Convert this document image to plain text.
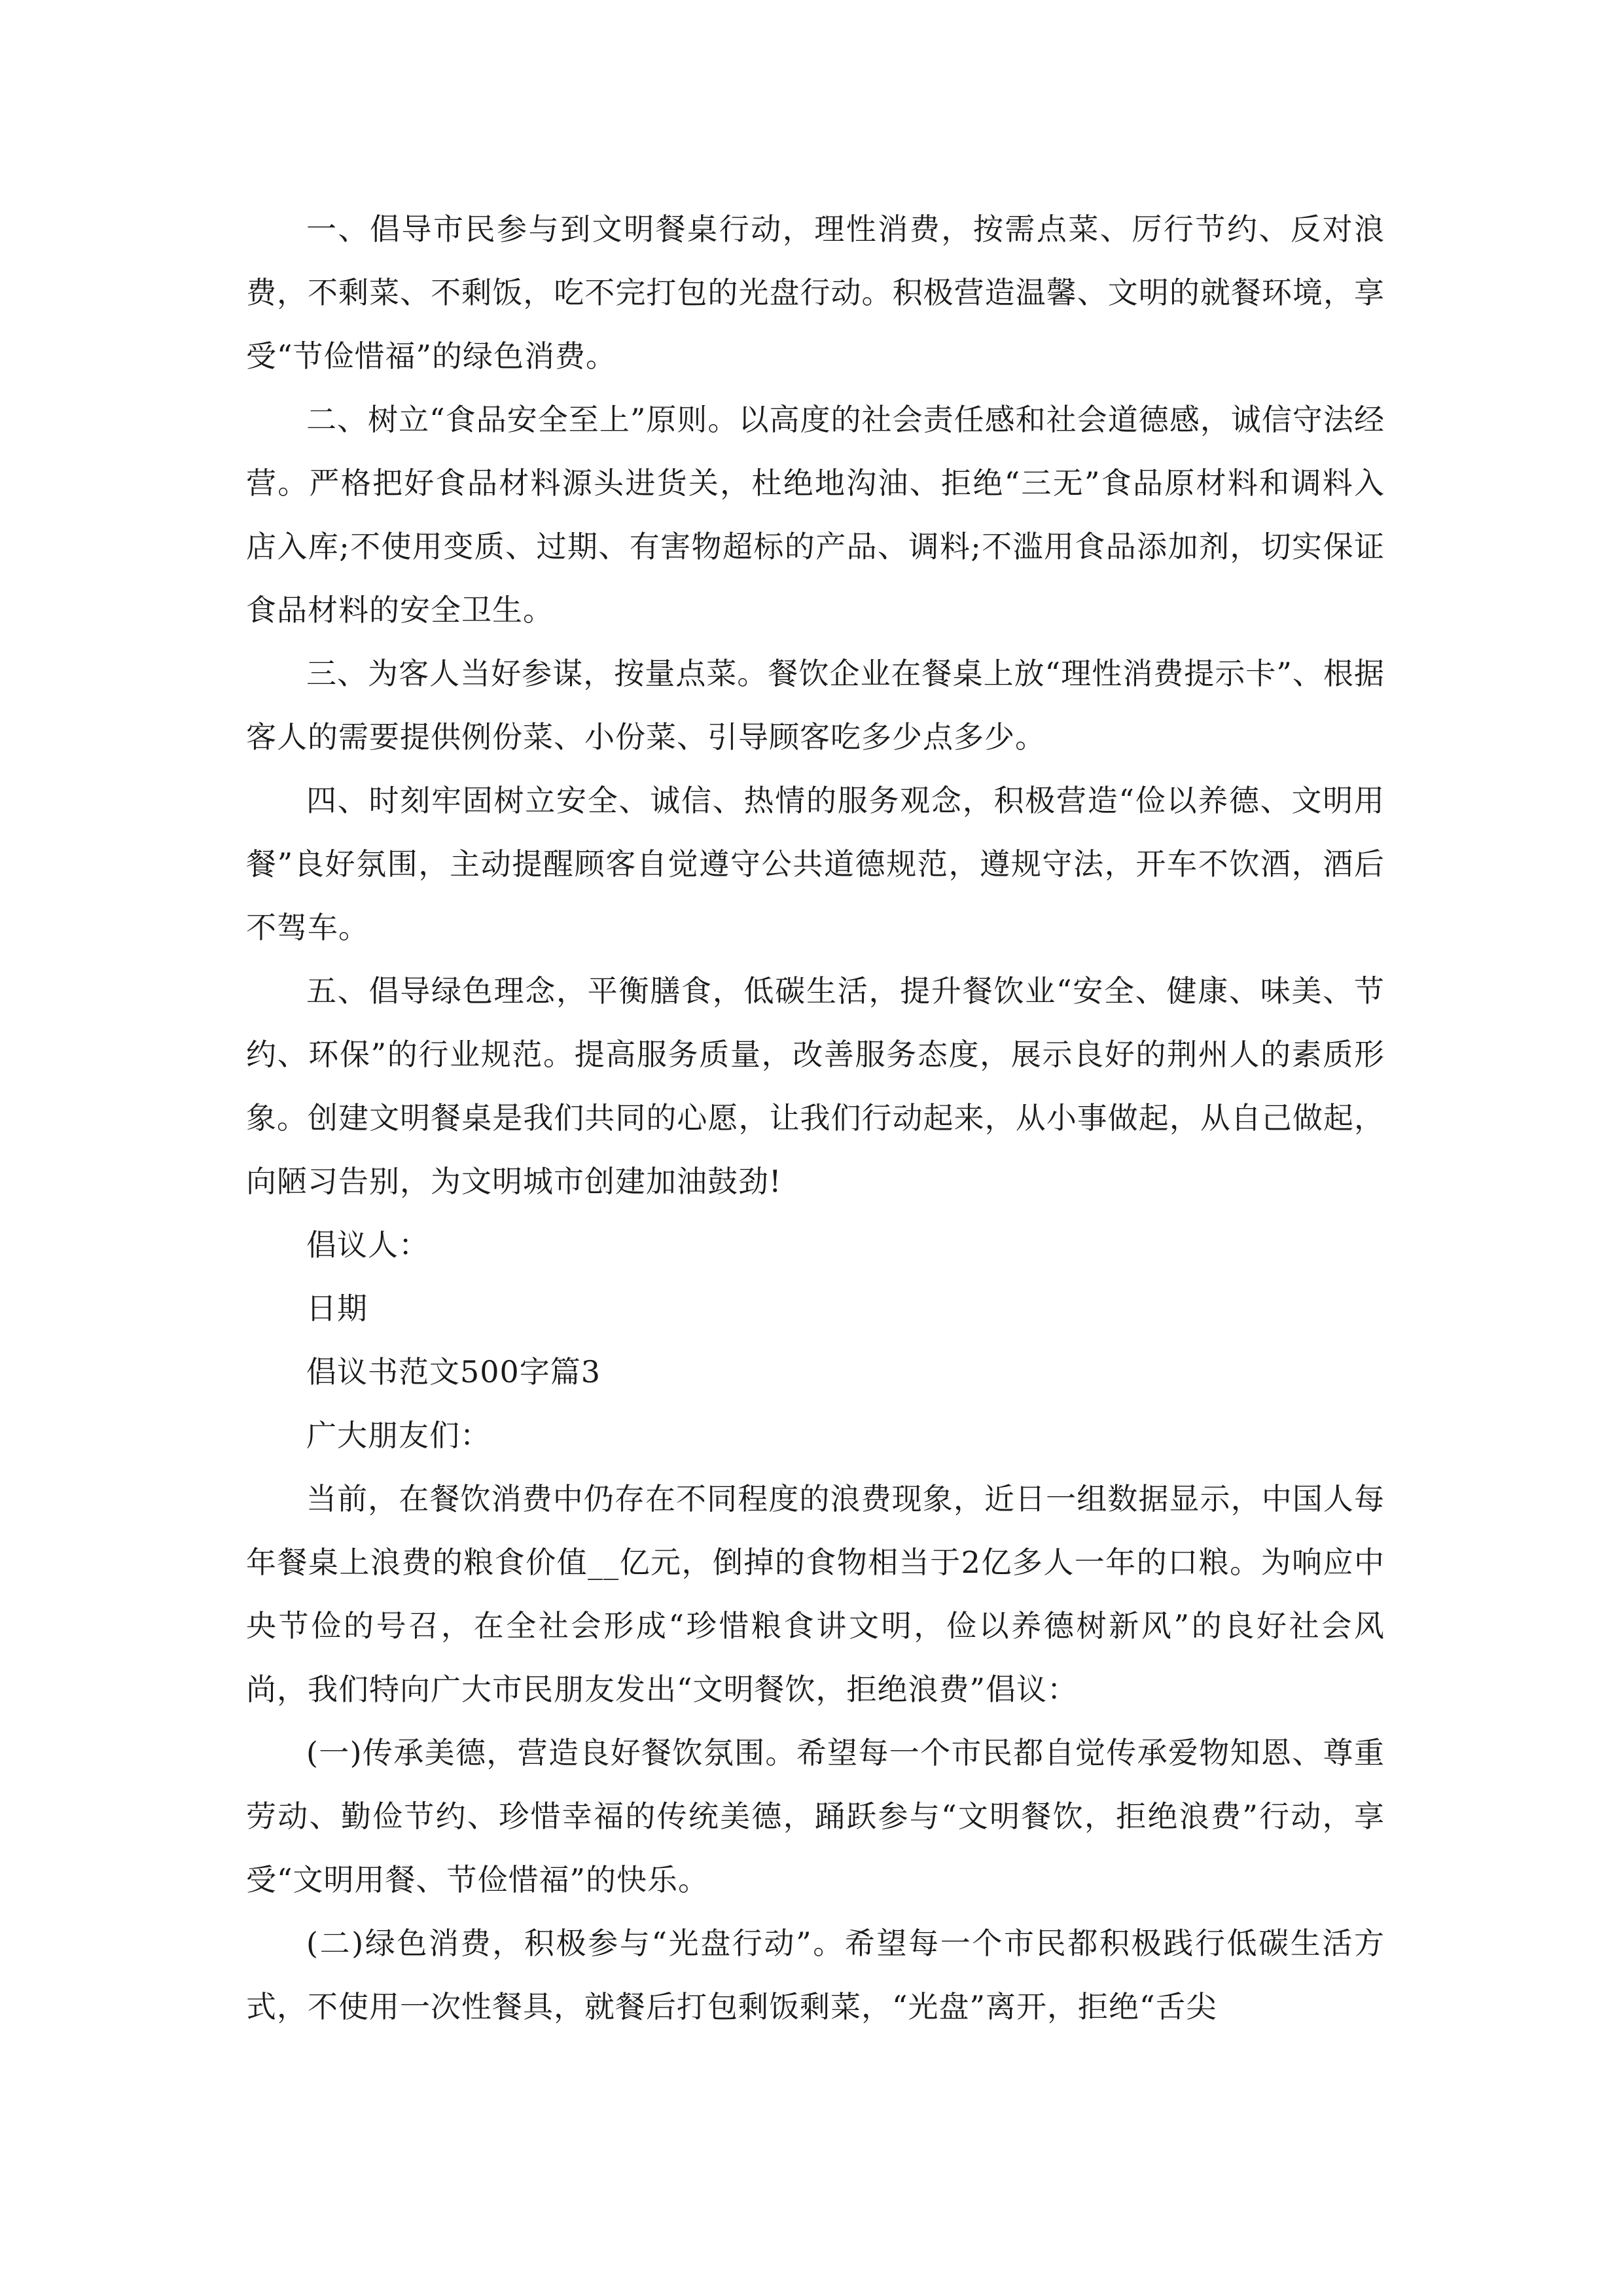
一、倡导市民参与到文明餐桌行动，理性消费，按需点菜、厉行节约、反对浪费，不剩菜、不剩饭，吃不完打包的光盘行动。积极营造温馨、文明的就餐环境，享受“节俭惜福”的绿色消费。

二、树立“食品安全至上”原则。以高度的社会责任感和社会道德感，诚信守法经营。严格把好食品材料源头进货关，杜绝地沟油、拒绝“三无”食品原材料和调料入店入库;不使用变质、过期、有害物超标的产品、调料;不滥用食品添加剂，切实保证食品材料的安全卫生。

三、为客人当好参谋，按量点菜。餐饮企业在餐桌上放“理性消费提示卡”、根据客人的需要提供例份菜、小份菜、引导顾客吃多少点多少。

四、时刻牢固树立安全、诚信、热情的服务观念，积极营造“俭以养德、文明用餐”良好氛围，主动提醒顾客自觉遵守公共道德规范，遵规守法，开车不饮酒，酒后不驾车。

五、倡导绿色理念，平衡膳食，低碳生活，提升餐饮业“安全、健康、味美、节约、环保”的行业规范。提高服务质量，改善服务态度，展示良好的荆州人的素质形象。创建文明餐桌是我们共同的心愿，让我们行动起来，从小事做起，从自己做起，向陋习告别，为文明城市创建加油鼓劲!

倡议人：

日期

倡议书范文500字篇3

广大朋友们：

当前，在餐饮消费中仍存在不同程度的浪费现象，近日一组数据显示，中国人每年餐桌上浪费的粮食价值__亿元，倒掉的食物相当于2亿多人一年的口粮。为响应中央节俭的号召，在全社会形成“珍惜粮食讲文明，俭以养德树新风”的良好社会风尚，我们特向广大市民朋友发出“文明餐饮，拒绝浪费”倡议：

(一)传承美德，营造良好餐饮氛围。希望每一个市民都自觉传承爱物知恩、尊重劳动、勤俭节约、珍惜幸福的传统美德，踊跃参与“文明餐饮，拒绝浪费”行动，享受“文明用餐、节俭惜福”的快乐。

(二)绿色消费，积极参与“光盘行动”。希望每一个市民都积极践行低碳生活方式，不使用一次性餐具，就餐后打包剩饭剩菜，“光盘”离开，拒绝“舌尖
